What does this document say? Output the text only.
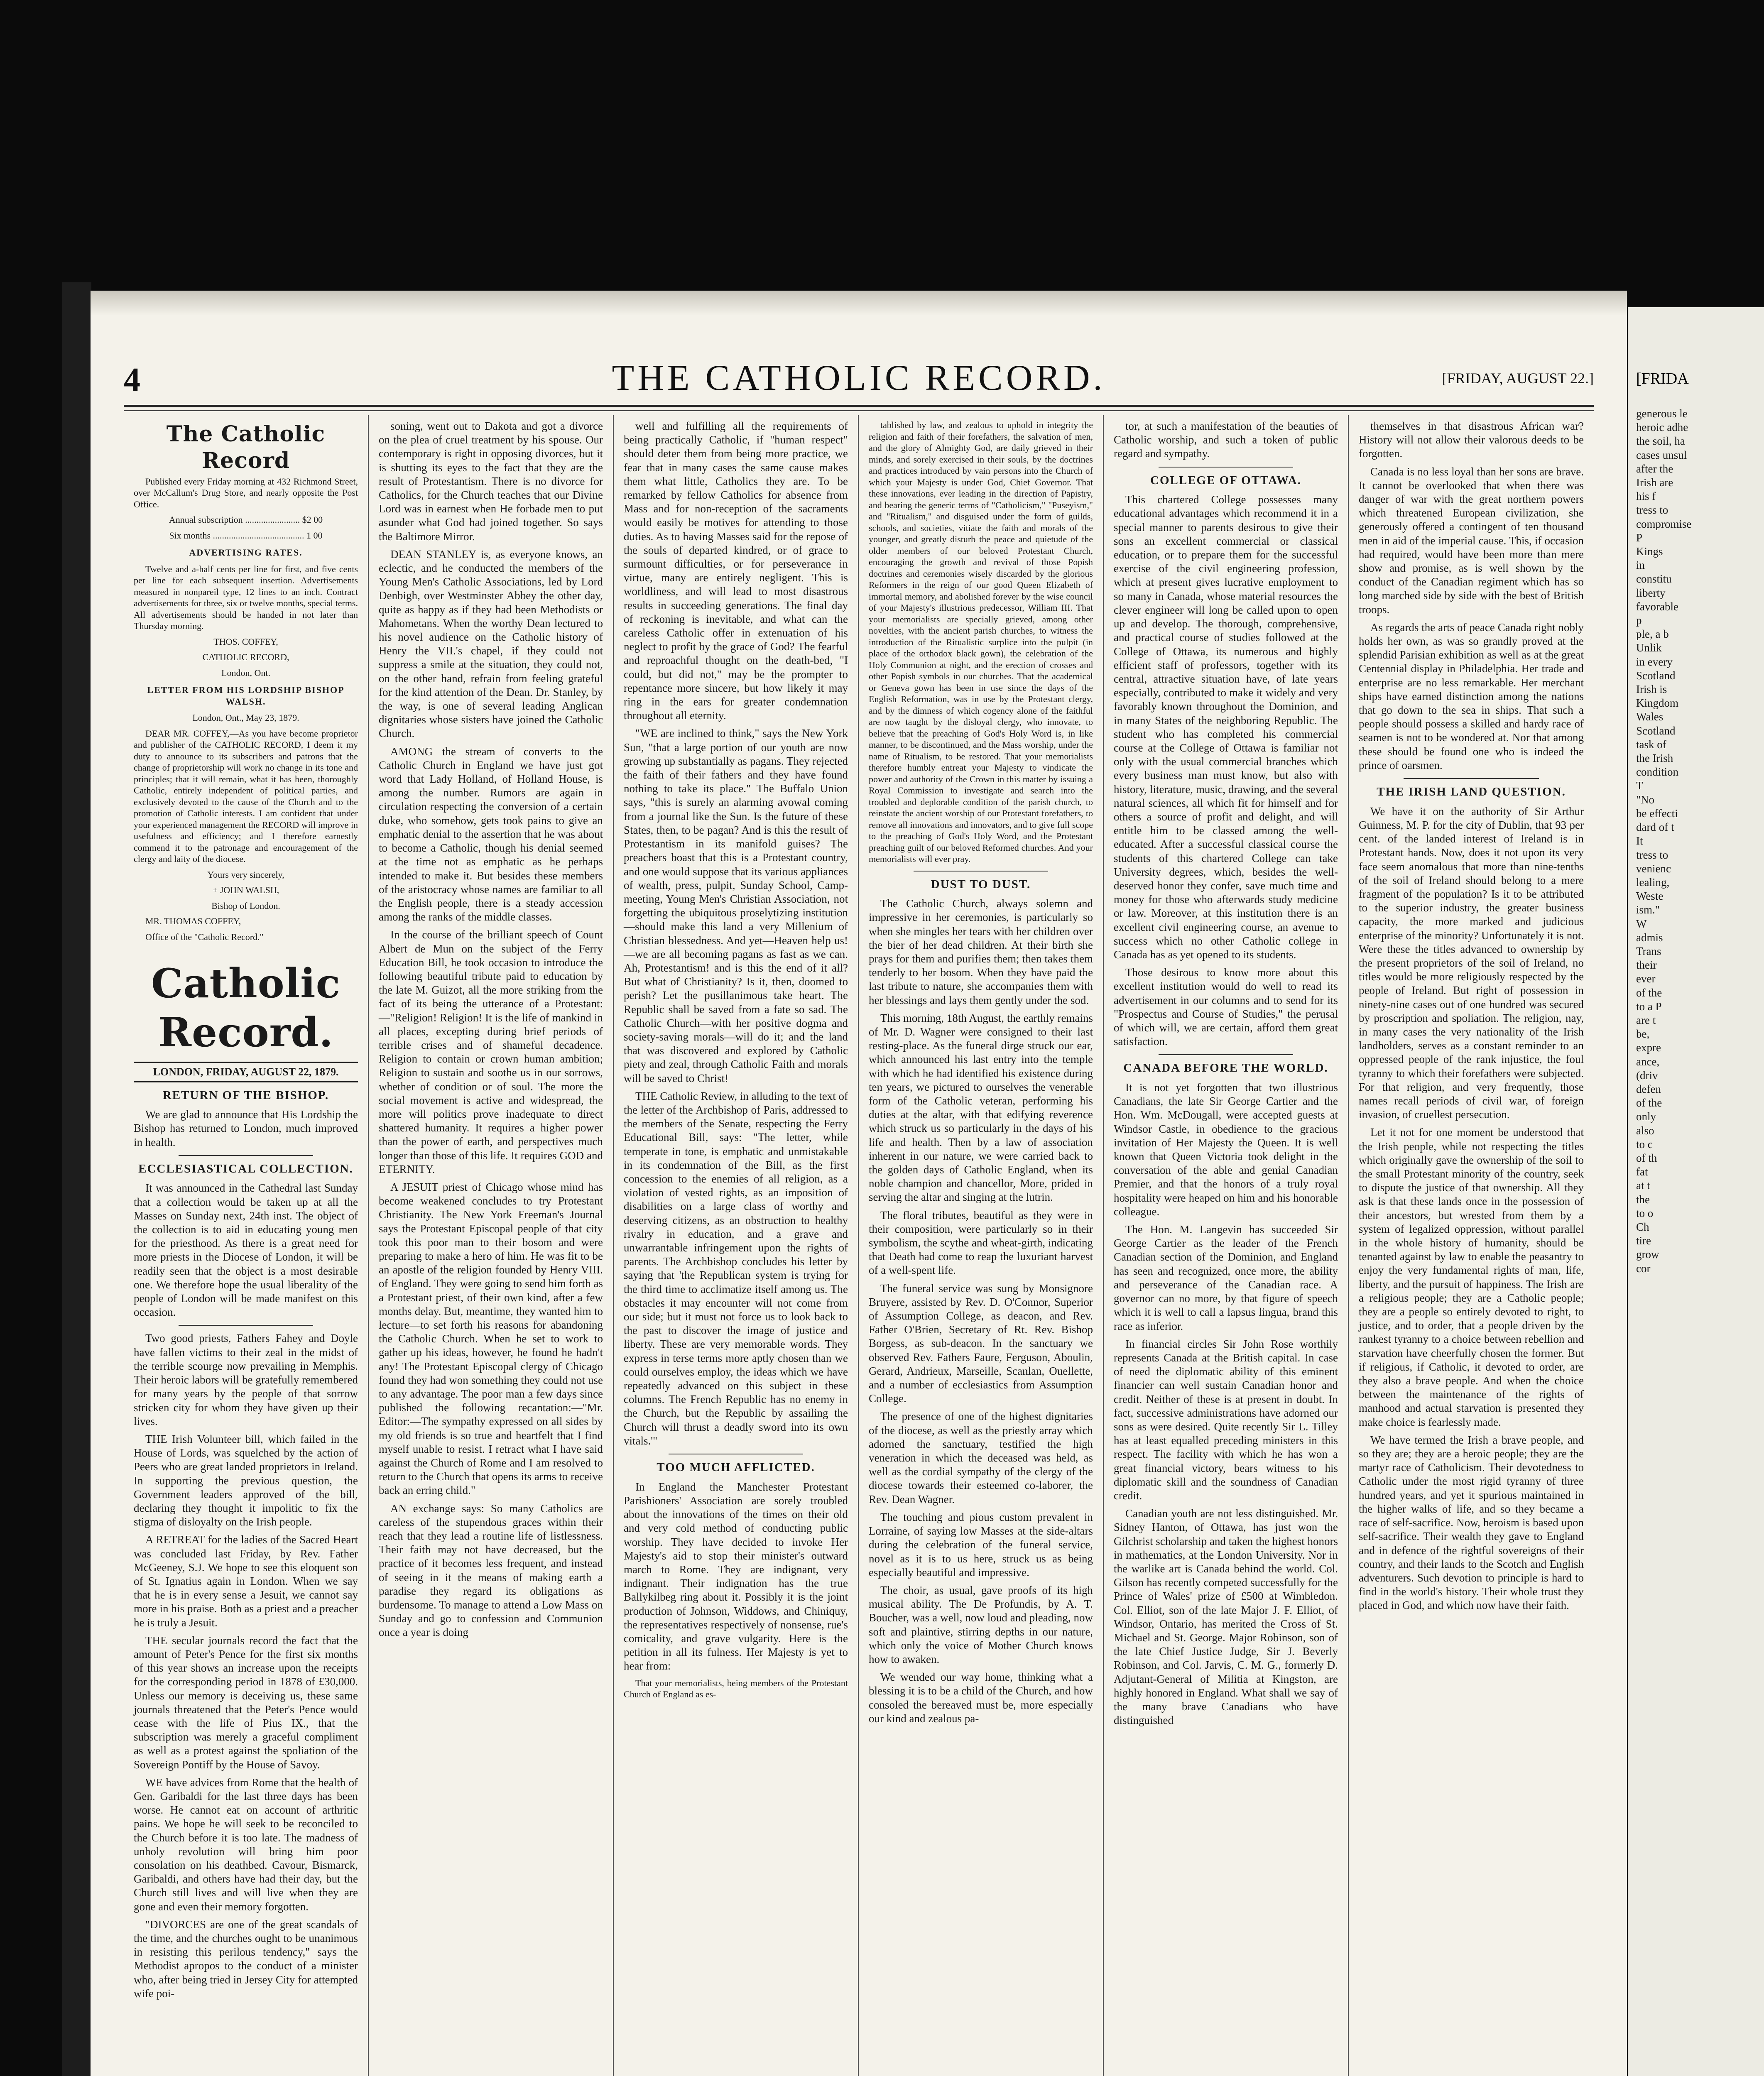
4	THE CATHOLIC RECORD.	[FRIDAY, AUGUST 22.]
The Catholic Record

Published every Friday morning at 432 Richmond Street, over McCallum's Drug Store, and nearly opposite the Post Office.

Annual subscription ........................ $2 00

Six months ........................................ 1 00

ADVERTISING RATES.

Twelve and a-half cents per line for first, and five cents per line for each subsequent insertion. Advertisements measured in nonpareil type, 12 lines to an inch. Contract advertisements for three, six or twelve months, special terms. All advertisements should be handed in not later than Thursday morning.

THOS. COFFEY,

CATHOLIC RECORD,

London, Ont.

LETTER FROM HIS LORDSHIP BISHOP WALSH.

London, Ont., May 23, 1879.

DEAR MR. COFFEY,—As you have become proprietor and publisher of the CATHOLIC RECORD, I deem it my duty to announce to its subscribers and patrons that the change of proprietorship will work no change in its tone and principles; that it will remain, what it has been, thoroughly Catholic, entirely independent of political parties, and exclusively devoted to the cause of the Church and to the promotion of Catholic interests. I am confident that under your experienced management the RECORD will improve in usefulness and efficiency; and I therefore earnestly commend it to the patronage and encouragement of the clergy and laity of the diocese.

Yours very sincerely,

+ JOHN WALSH,

Bishop of London.

MR. THOMAS COFFEY,

Office of the "Catholic Record."

Catholic Record.
LONDON, FRIDAY, AUGUST 22, 1879.
RETURN OF THE BISHOP.

We are glad to announce that His Lordship the Bishop has returned to London, much improved in health.

ECCLESIASTICAL COLLECTION.

It was announced in the Cathedral last Sunday that a collection would be taken up at all the Masses on Sunday next, 24th inst. The object of the collection is to aid in educating young men for the priesthood. As there is a great need for more priests in the Diocese of London, it will be readily seen that the object is a most desirable one. We therefore hope the usual liberality of the people of London will be made manifest on this occasion.

Two good priests, Fathers Fahey and Doyle have fallen victims to their zeal in the midst of the terrible scourge now prevailing in Memphis. Their heroic labors will be gratefully remembered for many years by the people of that sorrow stricken city for whom they have given up their lives.

THE Irish Volunteer bill, which failed in the House of Lords, was squelched by the action of Peers who are great landed proprietors in Ireland. In supporting the previous question, the Government leaders approved of the bill, declaring they thought it impolitic to fix the stigma of disloyalty on the Irish people.

A RETREAT for the ladies of the Sacred Heart was concluded last Friday, by Rev. Father McGeeney, S.J. We hope to see this eloquent son of St. Ignatius again in London. When we say that he is in every sense a Jesuit, we cannot say more in his praise. Both as a priest and a preacher he is truly a Jesuit.

THE secular journals record the fact that the amount of Peter's Pence for the first six months of this year shows an increase upon the receipts for the corresponding period in 1878 of £30,000. Unless our memory is deceiving us, these same journals threatened that the Peter's Pence would cease with the life of Pius IX., that the subscription was merely a graceful compliment as well as a protest against the spoliation of the Sovereign Pontiff by the House of Savoy.

WE have advices from Rome that the health of Gen. Garibaldi for the last three days has been worse. He cannot eat on account of arthritic pains. We hope he will seek to be reconciled to the Church before it is too late. The madness of unholy revolution will bring him poor consolation on his deathbed. Cavour, Bismarck, Garibaldi, and others have had their day, but the Church still lives and will live when they are gone and even their memory forgotten.

"DIVORCES are one of the great scandals of the time, and the churches ought to be unanimous in resisting this perilous tendency," says the Methodist apropos to the conduct of a minister who, after being tried in Jersey City for attempted wife poi-

soning, went out to Dakota and got a divorce on the plea of cruel treatment by his spouse. Our contemporary is right in opposing divorces, but it is shutting its eyes to the fact that they are the result of Protestantism. There is no divorce for Catholics, for the Church teaches that our Divine Lord was in earnest when He forbade men to put asunder what God had joined together. So says the Baltimore Mirror.

DEAN STANLEY is, as everyone knows, an eclectic, and he conducted the members of the Young Men's Catholic Associations, led by Lord Denbigh, over Westminster Abbey the other day, quite as happy as if they had been Methodists or Mahometans. When the worthy Dean lectured to his novel audience on the Catholic history of Henry the VII.'s chapel, if they could not suppress a smile at the situation, they could not, on the other hand, refrain from feeling grateful for the kind attention of the Dean. Dr. Stanley, by the way, is one of several leading Anglican dignitaries whose sisters have joined the Catholic Church.

AMONG the stream of converts to the Catholic Church in England we have just got word that Lady Holland, of Holland House, is among the number. Rumors are again in circulation respecting the conversion of a certain duke, who somehow, gets took pains to give an emphatic denial to the assertion that he was about to become a Catholic, though his denial seemed at the time not as emphatic as he perhaps intended to make it. But besides these members of the aristocracy whose names are familiar to all the English people, there is a steady accession among the ranks of the middle classes.

In the course of the brilliant speech of Count Albert de Mun on the subject of the Ferry Education Bill, he took occasion to introduce the following beautiful tribute paid to education by the late M. Guizot, all the more striking from the fact of its being the utterance of a Protestant:—"Religion! Religion! It is the life of mankind in all places, excepting during brief periods of terrible crises and of shameful decadence. Religion to contain or crown human ambition; Religion to sustain and soothe us in our sorrows, whether of condition or of soul. The more the social movement is active and widespread, the more will politics prove inadequate to direct shattered humanity. It requires a higher power than the power of earth, and perspectives much longer than those of this life. It requires GOD and ETERNITY.

A JESUIT priest of Chicago whose mind has become weakened concludes to try Protestant Christianity. The New York Freeman's Journal says the Protestant Episcopal people of that city took this poor man to their bosom and were preparing to make a hero of him. He was fit to be an apostle of the religion founded by Henry VIII. of England. They were going to send him forth as a Protestant priest, of their own kind, after a few months delay. But, meantime, they wanted him to lecture—to set forth his reasons for abandoning the Catholic Church. When he set to work to gather up his ideas, however, he found he hadn't any! The Protestant Episcopal clergy of Chicago found they had won something they could not use to any advantage. The poor man a few days since published the following recantation:—"Mr. Editor:—The sympathy expressed on all sides by my old friends is so true and heartfelt that I find myself unable to resist. I retract what I have said against the Church of Rome and I am resolved to return to the Church that opens its arms to receive back an erring child."

AN exchange says: So many Catholics are careless of the stupendous graces within their reach that they lead a routine life of listlessness. Their faith may not have decreased, but the practice of it becomes less frequent, and instead of seeing in it the means of making earth a paradise they regard its obligations as burdensome. To manage to attend a Low Mass on Sunday and go to confession and Communion once a year is doing

well and fulfilling all the requirements of being practically Catholic, if "human respect" should deter them from being more practice, we fear that in many cases the same cause makes them what little, Catholics they are. To be remarked by fellow Catholics for absence from Mass and for non-reception of the sacraments would easily be motives for attending to those duties. As to having Masses said for the repose of the souls of departed kindred, or of grace to surmount difficulties, or for perseverance in virtue, many are entirely negligent. This is worldliness, and will lead to most disastrous results in succeeding generations. The final day of reckoning is inevitable, and what can the careless Catholic offer in extenuation of his neglect to profit by the grace of God? The fearful and reproachful thought on the death-bed, "I could, but did not," may be the prompter to repentance more sincere, but how likely it may ring in the ears for greater condemnation throughout all eternity.

"WE are inclined to think," says the New York Sun, "that a large portion of our youth are now growing up substantially as pagans. They rejected the faith of their fathers and they have found nothing to take its place." The Buffalo Union says, "this is surely an alarming avowal coming from a journal like the Sun. Is the future of these States, then, to be pagan? And is this the result of Protestantism in its manifold guises? The preachers boast that this is a Protestant country, and one would suppose that its various appliances of wealth, press, pulpit, Sunday School, Camp-meeting, Young Men's Christian Association, not forgetting the ubiquitous proselytizing institution—should make this land a very Millenium of Christian blessedness. And yet—Heaven help us!—we are all becoming pagans as fast as we can. Ah, Protestantism! and is this the end of it all? But what of Christianity? Is it, then, doomed to perish? Let the pusillanimous take heart. The Republic shall be saved from a fate so sad. The Catholic Church—with her positive dogma and society-saving morals—will do it; and the land that was discovered and explored by Catholic piety and zeal, through Catholic Faith and morals will be saved to Christ!

THE Catholic Review, in alluding to the text of the letter of the Archbishop of Paris, addressed to the members of the Senate, respecting the Ferry Educational Bill, says: "The letter, while temperate in tone, is emphatic and unmistakable in its condemnation of the Bill, as the first concession to the enemies of all religion, as a violation of vested rights, as an imposition of disabilities on a large class of worthy and deserving citizens, as an obstruction to healthy rivalry in education, and a grave and unwarrantable infringement upon the rights of parents. The Archbishop concludes his letter by saying that 'the Republican system is trying for the third time to acclimatize itself among us. The obstacles it may encounter will not come from our side; but it must not force us to look back to the past to discover the image of justice and liberty. These are very memorable words. They express in terse terms more aptly chosen than we could ourselves employ, the ideas which we have repeatedly advanced on this subject in these columns. The French Republic has no enemy in the Church, but the Republic by assailing the Church will thrust a deadly sword into its own vitals.'"

TOO MUCH AFFLICTED.

In England the Manchester Protestant Parishioners' Association are sorely troubled about the innovations of the times on their old and very cold method of conducting public worship. They have decided to invoke Her Majesty's aid to stop their minister's outward march to Rome. They are indignant, very indignant. Their indignation has the true Ballykilbeg ring about it. Possibly it is the joint production of Johnson, Widdows, and Chiniquy, the representatives respectively of nonsense, rue's comicality, and grave vulgarity. Here is the petition in all its fulness. Her Majesty is yet to hear from:

That your memorialists, being members of the Protestant Church of England as es-

tablished by law, and zealous to uphold in integrity the religion and faith of their forefathers, the salvation of men, and the glory of Almighty God, are daily grieved in their minds, and sorely exercised in their souls, by the doctrines and practices introduced by vain persons into the Church of which your Majesty is under God, Chief Governor. That these innovations, ever leading in the direction of Papistry, and bearing the generic terms of "Catholicism," "Puseyism," and "Ritualism," and disguised under the form of guilds, schools, and societies, vitiate the faith and morals of the younger, and greatly disturb the peace and quietude of the older members of our beloved Protestant Church, encouraging the growth and revival of those Popish doctrines and ceremonies wisely discarded by the glorious Reformers in the reign of our good Queen Elizabeth of immortal memory, and abolished forever by the wise council of your Majesty's illustrious predecessor, William III. That your memorialists are specially grieved, among other novelties, with the ancient parish churches, to witness the introduction of the Ritualistic surplice into the pulpit (in place of the orthodox black gown), the celebration of the Holy Communion at night, and the erection of crosses and other Popish symbols in our churches. That the academical or Geneva gown has been in use since the days of the English Reformation, was in use by the Protestant clergy, and by the dimness of which cogency alone of the faithful are now taught by the disloyal clergy, who innovate, to believe that the preaching of God's Holy Word is, in like manner, to be discontinued, and the Mass worship, under the name of Ritualism, to be restored. That your memorialists therefore humbly entreat your Majesty to vindicate the power and authority of the Crown in this matter by issuing a Royal Commission to investigate and search into the troubled and deplorable condition of the parish church, to reinstate the ancient worship of our Protestant forefathers, to remove all innovations and innovators, and to give full scope to the preaching of God's Holy Word, and the Protestant preaching guilt of our beloved Reformed churches. And your memorialists will ever pray.

DUST TO DUST.

The Catholic Church, always solemn and impressive in her ceremonies, is particularly so when she mingles her tears with her children over the bier of her dead children. At their birth she prays for them and purifies them; then takes them tenderly to her bosom. When they have paid the last tribute to nature, she accompanies them with her blessings and lays them gently under the sod.

This morning, 18th August, the earthly remains of Mr. D. Wagner were consigned to their last resting-place. As the funeral dirge struck our ear, which announced his last entry into the temple with which he had identified his existence during ten years, we pictured to ourselves the venerable form of the Catholic veteran, performing his duties at the altar, with that edifying reverence which struck us so particularly in the days of his life and health. Then by a law of association inherent in our nature, we were carried back to the golden days of Catholic England, when its noble champion and chancellor, More, prided in serving the altar and singing at the lutrin.

The floral tributes, beautiful as they were in their composition, were particularly so in their symbolism, the scythe and wheat-girth, indicating that Death had come to reap the luxuriant harvest of a well-spent life.

The funeral service was sung by Monsignore Bruyere, assisted by Rev. D. O'Connor, Superior of Assumption College, as deacon, and Rev. Father O'Brien, Secretary of Rt. Rev. Bishop Borgess, as sub-deacon. In the sanctuary we observed Rev. Fathers Faure, Ferguson, Aboulin, Gerard, Andrieux, Marseille, Scanlan, Ouellette, and a number of ecclesiastics from Assumption College.

The presence of one of the highest dignitaries of the diocese, as well as the priestly array which adorned the sanctuary, testified the high veneration in which the deceased was held, as well as the cordial sympathy of the clergy of the diocese towards their esteemed co-laborer, the Rev. Dean Wagner.

The touching and pious custom prevalent in Lorraine, of saying low Masses at the side-altars during the celebration of the funeral service, novel as it is to us here, struck us as being especially beautiful and impressive.

The choir, as usual, gave proofs of its high musical ability. The De Profundis, by A. T. Boucher, was a well, now loud and pleading, now soft and plaintive, stirring depths in our nature, which only the voice of Mother Church knows how to awaken.

We wended our way home, thinking what a blessing it is to be a child of the Church, and how consoled the bereaved must be, more especially our kind and zealous pa-

tor, at such a manifestation of the beauties of Catholic worship, and such a token of public regard and sympathy.

COLLEGE OF OTTAWA.

This chartered College possesses many educational advantages which recommend it in a special manner to parents desirous to give their sons an excellent commercial or classical education, or to prepare them for the successful exercise of the civil engineering profession, which at present gives lucrative employment to so many in Canada, whose material resources the clever engineer will long be called upon to open up and develop. The thorough, comprehensive, and practical course of studies followed at the College of Ottawa, its numerous and highly efficient staff of professors, together with its central, attractive situation have, of late years especially, contributed to make it widely and very favorably known throughout the Dominion, and in many States of the neighboring Republic. The student who has completed his commercial course at the College of Ottawa is familiar not only with the usual commercial branches which every business man must know, but also with history, literature, music, drawing, and the several natural sciences, all which fit for himself and for others a source of profit and delight, and will entitle him to be classed among the well-educated. After a successful classical course the students of this chartered College can take University degrees, which, besides the well-deserved honor they confer, save much time and money for those who afterwards study medicine or law. Moreover, at this institution there is an excellent civil engineering course, an avenue to success which no other Catholic college in Canada has as yet opened to its students.

Those desirous to know more about this excellent institution would do well to read its advertisement in our columns and to send for its "Prospectus and Course of Studies," the perusal of which will, we are certain, afford them great satisfaction.

CANADA BEFORE THE WORLD.

It is not yet forgotten that two illustrious Canadians, the late Sir George Cartier and the Hon. Wm. McDougall, were accepted guests at Windsor Castle, in obedience to the gracious invitation of Her Majesty the Queen. It is well known that Queen Victoria took delight in the conversation of the able and genial Canadian Premier, and that the honors of a truly royal hospitality were heaped on him and his honorable colleague.

The Hon. M. Langevin has succeeded Sir George Cartier as the leader of the French Canadian section of the Dominion, and England has seen and recognized, once more, the ability and perseverance of the Canadian race. A governor can no more, by that figure of speech which it is well to call a lapsus lingua, brand this race as inferior.

In financial circles Sir John Rose worthily represents Canada at the British capital. In case of need the diplomatic ability of this eminent financier can well sustain Canadian honor and credit. Neither of these is at present in doubt. In fact, successive administrations have adorned our sons as were desired. Quite recently Sir L. Tilley has at least equalled preceding ministers in this respect. The facility with which he has won a great financial victory, bears witness to his diplomatic skill and the soundness of Canadian credit.

Canadian youth are not less distinguished. Mr. Sidney Hanton, of Ottawa, has just won the Gilchrist scholarship and taken the highest honors in mathematics, at the London University. Nor in the warlike art is Canada behind the world. Col. Gilson has recently competed successfully for the Prince of Wales' prize of £500 at Wimbledon. Col. Elliot, son of the late Major J. F. Elliot, of Windsor, Ontario, has merited the Cross of St. Michael and St. George. Major Robinson, son of the late Chief Justice Judge, Sir J. Beverly Robinson, and Col. Jarvis, C. M. G., formerly D. Adjutant-General of Militia at Kingston, are highly honored in England. What shall we say of the many brave Canadians who have distinguished

themselves in that disastrous African war? History will not allow their valorous deeds to be forgotten.

Canada is no less loyal than her sons are brave. It cannot be overlooked that when there was danger of war with the great northern powers which threatened European civilization, she generously offered a contingent of ten thousand men in aid of the imperial cause. This, if occasion had required, would have been more than mere show and promise, as is well shown by the conduct of the Canadian regiment which has so long marched side by side with the best of British troops.

As regards the arts of peace Canada right nobly holds her own, as was so grandly proved at the splendid Parisian exhibition as well as at the great Centennial display in Philadelphia. Her trade and enterprise are no less remarkable. Her merchant ships have earned distinction among the nations that go down to the sea in ships. That such a people should possess a skilled and hardy race of seamen is not to be wondered at. Nor that among these should be found one who is indeed the prince of oarsmen.

THE IRISH LAND QUESTION.

We have it on the authority of Sir Arthur Guinness, M. P. for the city of Dublin, that 93 per cent. of the landed interest of Ireland is in Protestant hands. Now, does it not upon its very face seem anomalous that more than nine-tenths of the soil of Ireland should belong to a mere fragment of the population? Is it to be attributed to the superior industry, the greater business capacity, the more marked and judicious enterprise of the minority? Unfortunately it is not. Were these the titles advanced to ownership by the present proprietors of the soil of Ireland, no titles would be more religiously respected by the people of Ireland. But right of possession in ninety-nine cases out of one hundred was secured by proscription and spoliation. The religion, nay, in many cases the very nationality of the Irish landholders, serves as a constant reminder to an oppressed people of the rank injustice, the foul tyranny to which their forefathers were subjected. For that religion, and very frequently, those names recall periods of civil war, of foreign invasion, of cruellest persecution.

Let it not for one moment be understood that the Irish people, while not respecting the titles which originally gave the ownership of the soil to the small Protestant minority of the country, seek to dispute the justice of that ownership. All they ask is that these lands once in the possession of their ancestors, but wrested from them by a system of legalized oppression, without parallel in the whole history of humanity, should be tenanted against by law to enable the peasantry to enjoy the very fundamental rights of man, life, liberty, and the pursuit of happiness. The Irish are a religious people; they are a Catholic people; they are a people so entirely devoted to right, to justice, and to order, that a people driven by the rankest tyranny to a choice between rebellion and starvation have cheerfully chosen the former. But if religious, if Catholic, it devoted to order, are they also a brave people. And when the choice between the maintenance of the rights of manhood and actual starvation is presented they make choice is fearlessly made.

We have termed the Irish a brave people, and so they are; they are a heroic people; they are the martyr race of Catholicism. Their devotedness to Catholic under the most rigid tyranny of three hundred years, and yet it spurious maintained in the higher walks of life, and so they became a race of self-sacrifice. Now, heroism is based upon self-sacrifice. Their wealth they gave to England and in defence of the rightful sovereigns of their country, and their lands to the Scotch and English adventurers. Such devotion to principle is hard to find in the world's history. Their whole trust they placed in God, and which now have their faith.

[FRIDA
generous le
heroic adhe
the soil, ha
cases unsul
after the
Irish are
his f
tress to
compromise
P
Kings
in
constitu
liberty
favorable
p
ple, a b
Unlik
in every
Scotland
Irish is
Kingdom
Wales
Scotland
task of
the Irish
condition
T
"No
be effecti
dard of t
It
tress to
venienc
lealing,
Weste
ism."
W
admis
Trans
their
ever
of the
to a P
are t
be,
expre
ance,
(driv
defen
of the
only
also
to c
of th
fat
at t
the
to o
Ch
tire
grow
cor
